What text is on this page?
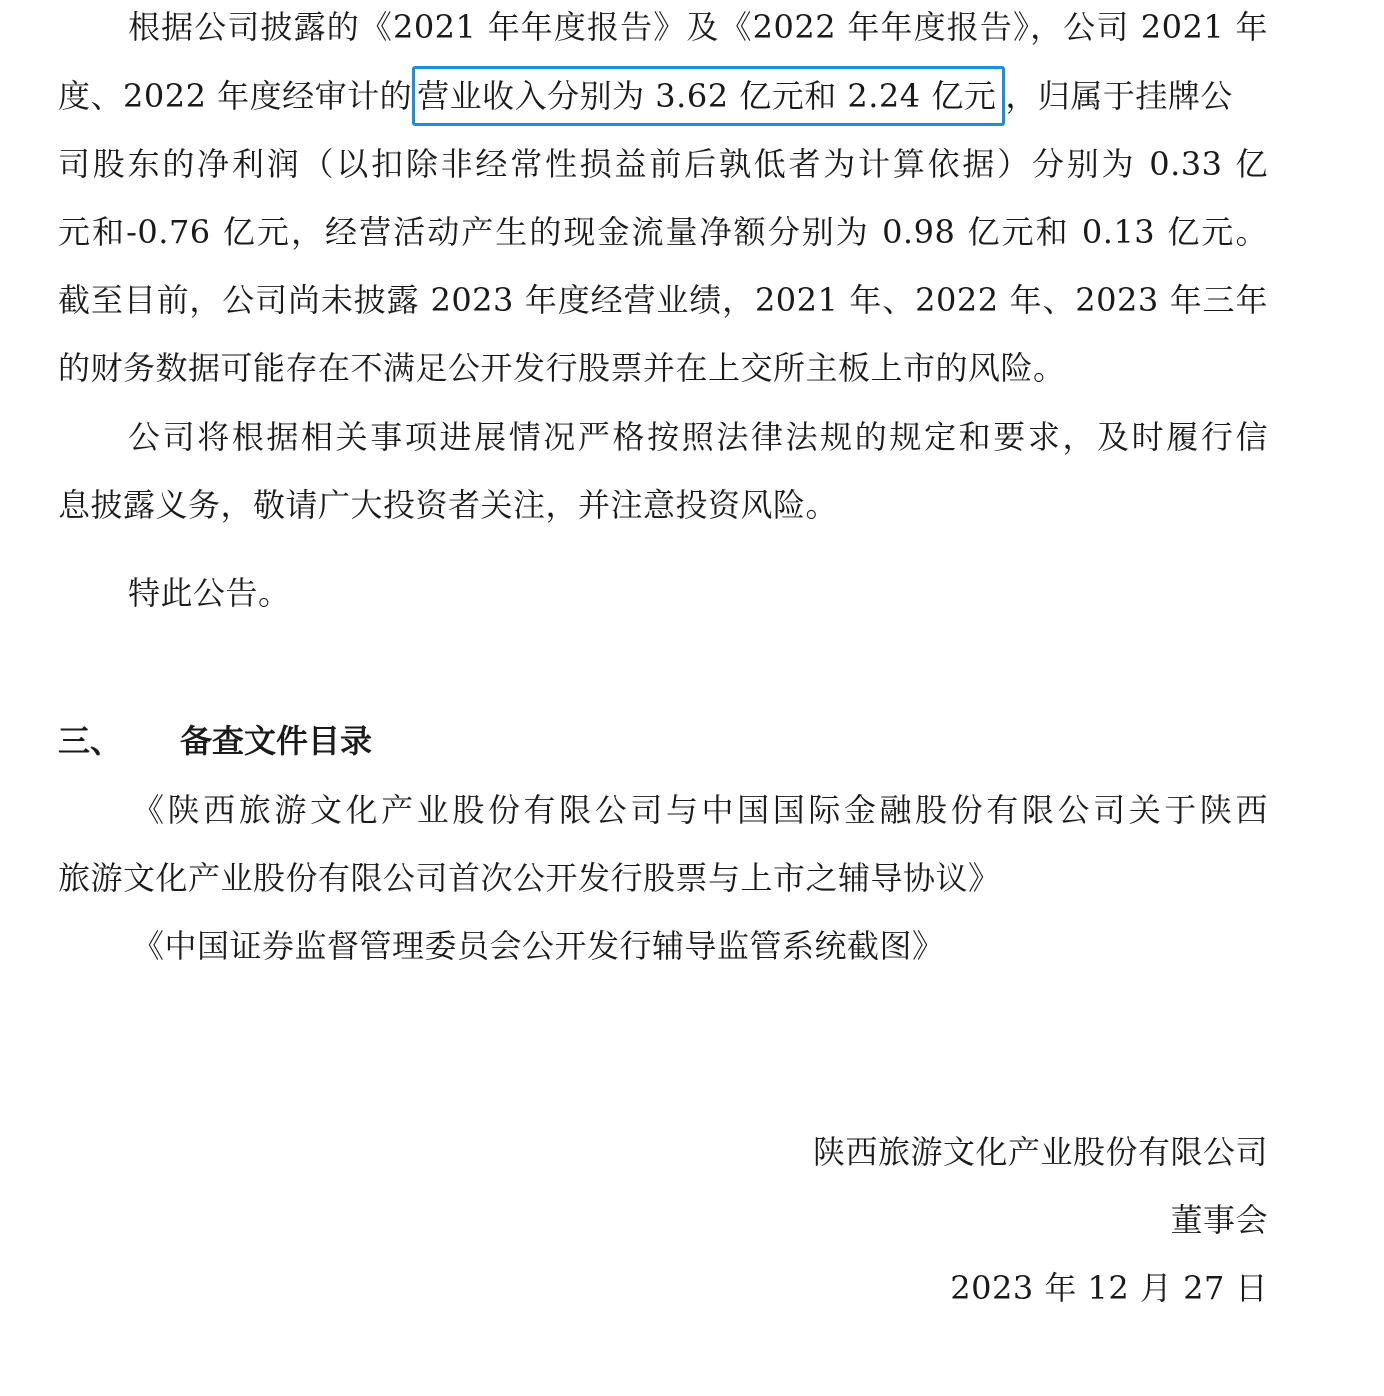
根据公司披露的《2021 年年度报告》及《2022 年年度报告》，公司 2021 年
度、2022 年度经审计的 营业收入分别为 3.62 亿元和 2.24 亿元 ，归属于挂牌公
司股东的净利润（以扣除非经常性损益前后孰低者为计算依据）分别为 0.33 亿
元和-0.76 亿元，经营活动产生的现金流量净额分别为 0.98 亿元和 0.13 亿元。
截至目前，公司尚未披露 2023 年度经营业绩，2021 年、2022 年、2023 年三年
的财务数据可能存在不满足公开发行股票并在上交所主板上市的风险。
公司将根据相关事项进展情况严格按照法律法规的规定和要求，及时履行信
息披露义务，敬请广大投资者关注，并注意投资风险。
特此公告。
三、 备查文件目录
《陕西旅游文化产业股份有限公司与中国国际金融股份有限公司关于陕西
旅游文化产业股份有限公司首次公开发行股票与上市之辅导协议》
《中国证券监督管理委员会公开发行辅导监管系统截图》
陕西旅游文化产业股份有限公司
董事会
2023 年 12 月 27 日
